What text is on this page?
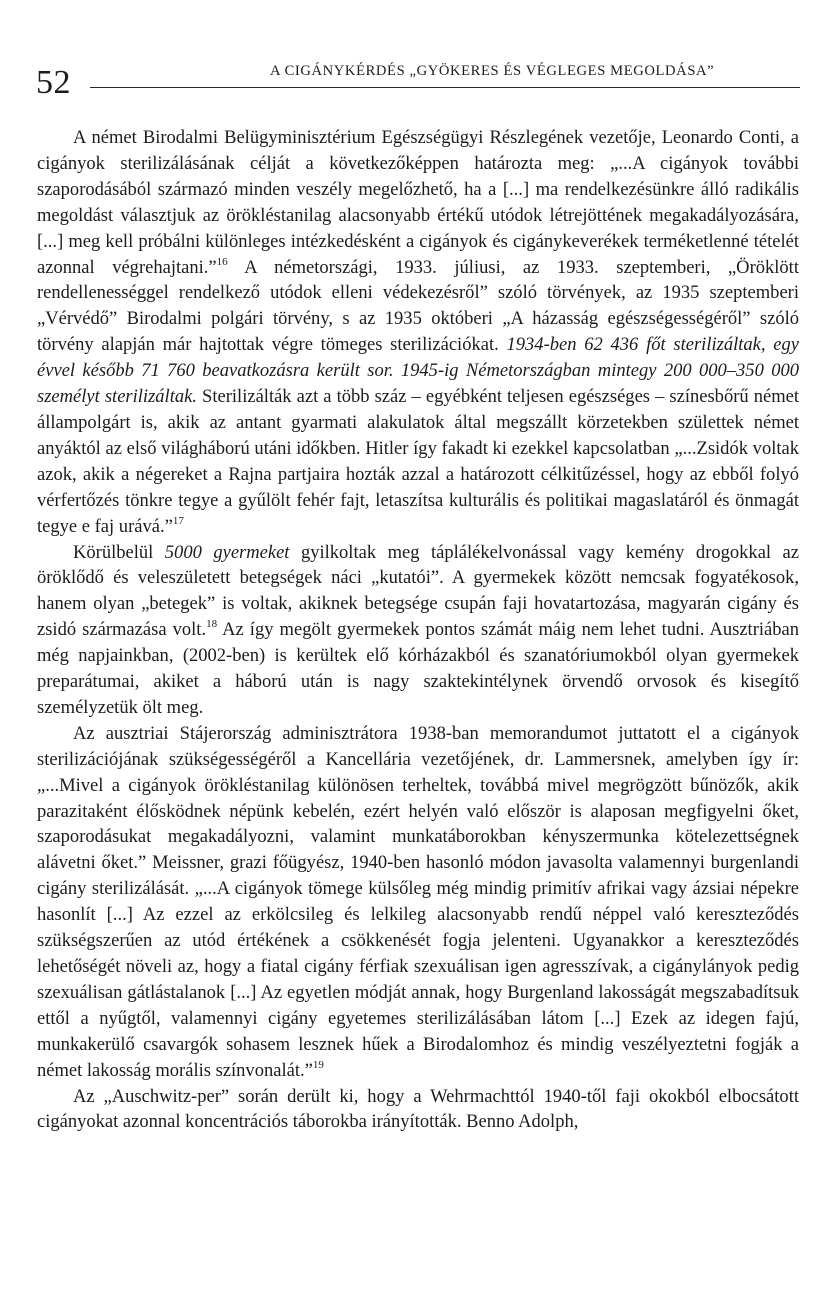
52	A CIGÁNYKÉRDÉS „GYÖKERES ÉS VÉGLEGES MEGOLDÁSA”

A német Birodalmi Belügyminisztérium Egészségügyi Részlegének vezetője, Leonardo Conti, a cigányok sterilizálásának célját a következőképpen határozta meg: „...A cigányok további szaporodásából származó minden veszély megelőzhető, ha a [...] ma rendelkezésünkre álló radikális megoldást választjuk az örökléstanilag alacsonyabb értékű utódok létrejöttének megakadályozására, [...] meg kell próbálni különleges intézkedésként a cigányok és cigánykeverékek terméketlenné tételét azonnal végrehajtani.”$^{16}$ A németországi, 1933. júliusi, az 1933. szeptemberi, „Öröklött rendellenességgel rendelkező utódok elleni védekezésről” szóló törvények, az 1935 szeptemberi „Vérvédő” Birodalmi polgári törvény, s az 1935 októberi „A házasság egészségességéről” szóló törvény alapján már hajtottak végre tömeges sterilizációkat. 1934-ben 62 436 főt sterilizáltak, egy évvel később 71 760 beavatkozásra került sor. 1945-ig Németországban mintegy 200 000–350 000 személyt sterilizáltak. Sterilizálták azt a több száz – egyébként teljesen egészséges – színesbőrű német állampolgárt is, akik az antant gyarmati alakulatok által megszállt körzetekben születtek német anyáktól az első világháború utáni időkben. Hitler így fakadt ki ezekkel kapcsolatban „...Zsidók voltak azok, akik a négereket a Rajna partjaira hozták azzal a határozott célkitűzéssel, hogy az ebből folyó vérfertőzés tönkre tegye a gyűlölt fehér fajt, letaszítsa kulturális és politikai magaslatáról és önmagát tegye e faj urává.”$^{17}$

Körülbelül 5000 gyermeket gyilkoltak meg táplálékelvonással vagy kemény drogokkal az öröklődő és veleszületett betegségek náci „kutatói”. A gyermekek között nemcsak fogyatékosok, hanem olyan „betegek” is voltak, akiknek betegsége csupán faji hovatartozása, magyarán cigány és zsidó származása volt.$^{18}$ Az így megölt gyermekek pontos számát máig nem lehet tudni. Ausztriában még napjainkban, (2002-ben) is kerültek elő kórházakból és szanatóriumokból olyan gyermekek preparátumai, akiket a háború után is nagy szaktekintélynek örvendő orvosok és kisegítő személyzetük ölt meg.

Az ausztriai Stájerország adminisztrátora 1938-ban memorandumot juttatott el a cigányok sterilizációjának szükségességéről a Kancellária vezetőjének, dr. Lammersnek, amelyben így ír: „...Mivel a cigányok örökléstanilag különösen terheltek, továbbá mivel megrögzött bűnözők, akik parazitaként élősködnek népünk kebelén, ezért helyén való először is alaposan megfigyelni őket, szaporodásukat megakadályozni, valamint munkatáborokban kényszermunka kötelezettségnek alávetni őket.” Meissner, grazi főügyész, 1940-ben hasonló módon javasolta valamennyi burgenlandi cigány sterilizálását. „...A cigányok tömege külsőleg még mindig primitív afrikai vagy ázsiai népekre hasonlít [...] Az ezzel az erkölcsileg és lelkileg alacsonyabb rendű néppel való kereszteződés szükségszerűen az utód értékének a csökkenését fogja jelenteni. Ugyanakkor a kereszteződés lehetőségét növeli az, hogy a fiatal cigány férfiak szexuálisan igen agresszívak, a cigánylányok pedig szexuálisan gátlástalanok [...] Az egyetlen módját annak, hogy Burgenland lakosságát megszabadítsuk ettől a nyűgtől, valamennyi cigány egyetemes sterilizálásában látom [...] Ezek az idegen fajú, munkakerülő csavargók sohasem lesznek hűek a Birodalomhoz és mindig veszélyeztetni fogják a német lakosság morális színvonalát.”$^{19}$

Az „Auschwitz-per” során derült ki, hogy a Wehrmachttól 1940-től faji okokból elbocsátott cigányokat azonnal koncentrációs táborokba irányították. Benno Adolph,
